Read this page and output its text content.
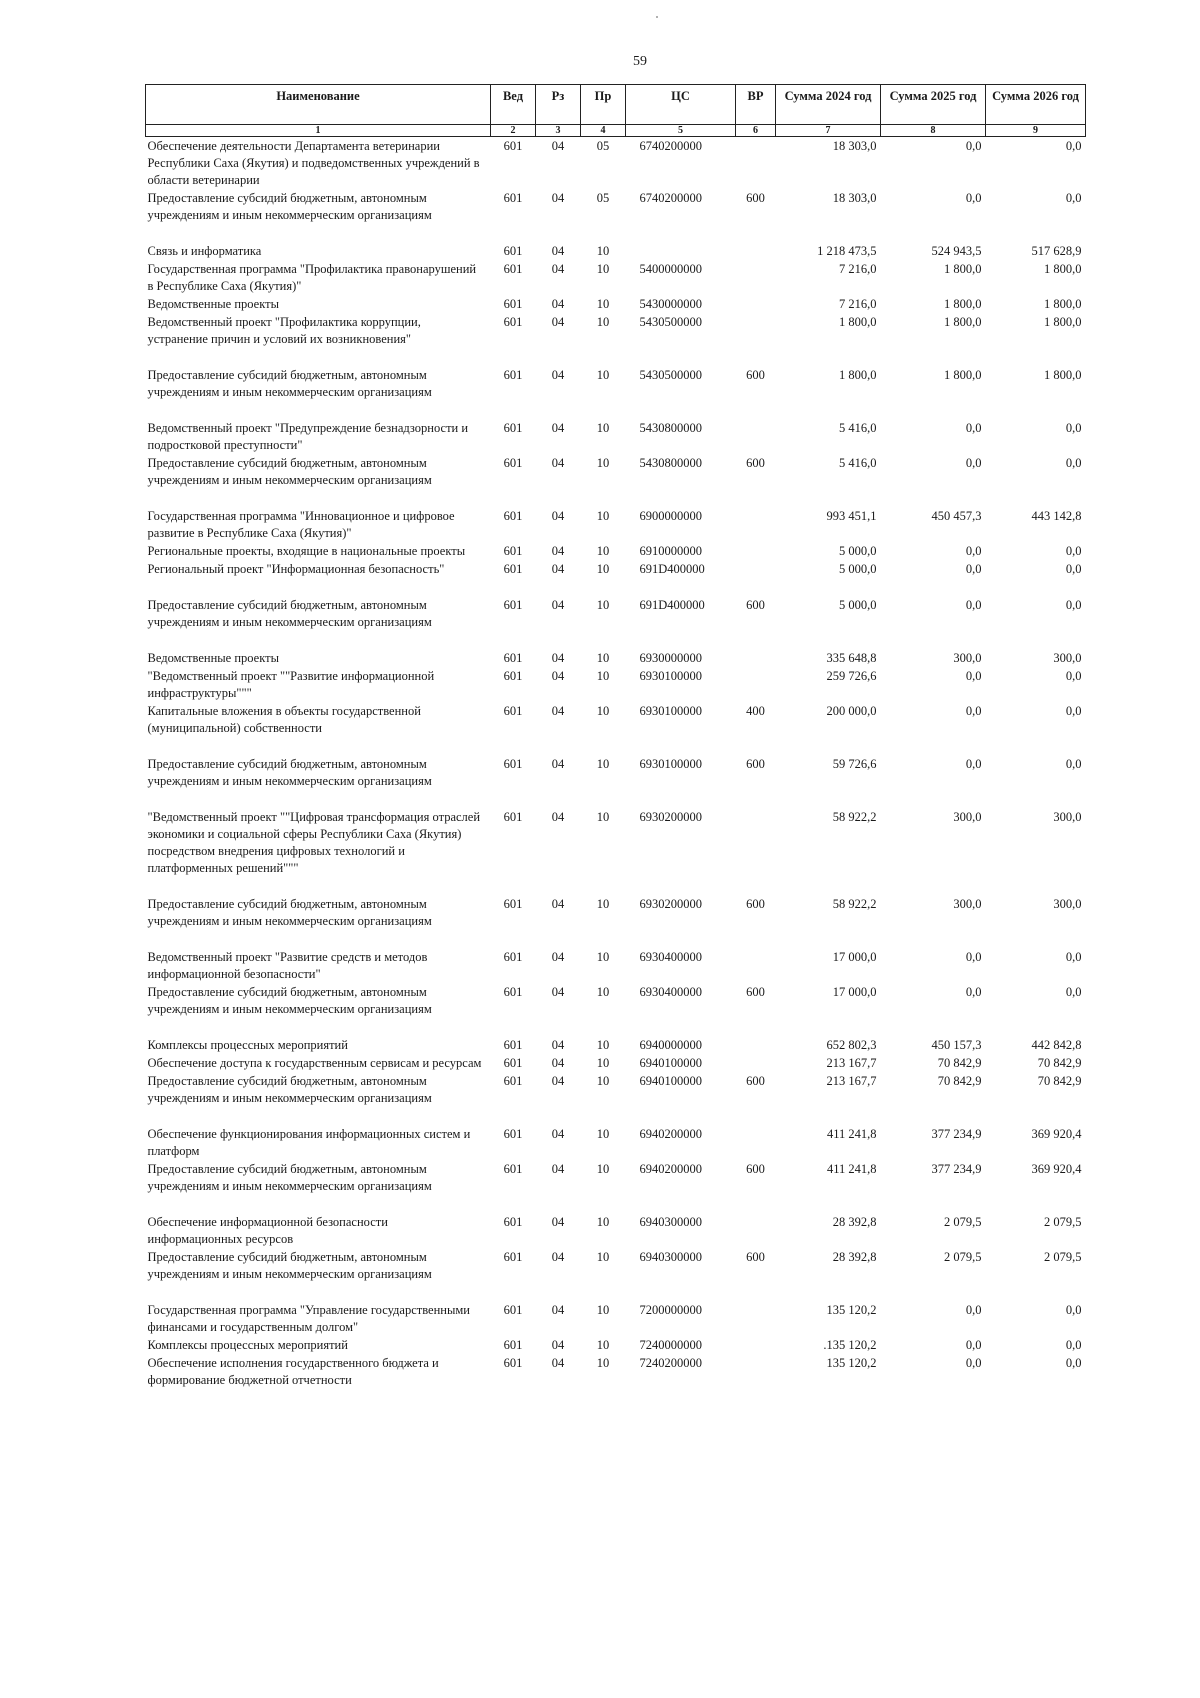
59
Наименование	Вед	Рз	Пр	ЦС	ВР	Сумма 2024 год	Сумма 2025 год	Сумма 2026 год
1	2	3	4	5	6	7	8	9
Обеспечение деятельности Департамента ветеринарии Республики Саха (Якутия) и подведомственных учреждений в области ветеринарии	601	04	05	6740200000		18 303,0	0,0	0,0
Предоставление субсидий бюджетным, автономным учреждениям и иным некоммерческим организациям	601	04	05	6740200000	600	18 303,0	0,0	0,0
Связь и информатика	601	04	10			1 218 473,5	524 943,5	517 628,9
Государственная программа "Профилактика правонарушений в Республике Саха (Якутия)"	601	04	10	5400000000		7 216,0	1 800,0	1 800,0
Ведомственные проекты	601	04	10	5430000000		7 216,0	1 800,0	1 800,0
Ведомственный проект "Профилактика коррупции, устранение причин и условий их возникновения"	601	04	10	5430500000		1 800,0	1 800,0	1 800,0
Предоставление субсидий бюджетным, автономным учреждениям и иным некоммерческим организациям	601	04	10	5430500000	600	1 800,0	1 800,0	1 800,0
Ведомственный проект "Предупреждение безнадзорности и подростковой преступности"	601	04	10	5430800000		5 416,0	0,0	0,0
Предоставление субсидий бюджетным, автономным учреждениям и иным некоммерческим организациям	601	04	10	5430800000	600	5 416,0	0,0	0,0
Государственная программа "Инновационное и цифровое развитие в Республике Саха (Якутия)"	601	04	10	6900000000		993 451,1	450 457,3	443 142,8
Региональные проекты, входящие в национальные проекты	601	04	10	6910000000		5 000,0	0,0	0,0
Региональный проект "Информационная безопасность"	601	04	10	691D400000		5 000,0	0,0	0,0
Предоставление субсидий бюджетным, автономным учреждениям и иным некоммерческим организациям	601	04	10	691D400000	600	5 000,0	0,0	0,0
Ведомственные проекты	601	04	10	6930000000		335 648,8	300,0	300,0
"Ведомственный проект ""Развитие информационной инфраструктуры"""	601	04	10	6930100000		259 726,6	0,0	0,0
Капитальные вложения в объекты государственной (муниципальной) собственности	601	04	10	6930100000	400	200 000,0	0,0	0,0
Предоставление субсидий бюджетным, автономным учреждениям и иным некоммерческим организациям	601	04	10	6930100000	600	59 726,6	0,0	0,0
"Ведомственный проект ""Цифровая трансформация отраслей экономики и социальной сферы Республики Саха (Якутия) посредством внедрения цифровых технологий и платформенных решений"""	601	04	10	6930200000		58 922,2	300,0	300,0
Предоставление субсидий бюджетным, автономным учреждениям и иным некоммерческим организациям	601	04	10	6930200000	600	58 922,2	300,0	300,0
Ведомственный проект "Развитие средств и методов информационной безопасности"	601	04	10	6930400000		17 000,0	0,0	0,0
Предоставление субсидий бюджетным, автономным учреждениям и иным некоммерческим организациям	601	04	10	6930400000	600	17 000,0	0,0	0,0
Комплексы процессных мероприятий	601	04	10	6940000000		652 802,3	450 157,3	442 842,8
Обеспечение доступа к государственным сервисам и ресурсам	601	04	10	6940100000		213 167,7	70 842,9	70 842,9
Предоставление субсидий бюджетным, автономным учреждениям и иным некоммерческим организациям	601	04	10	6940100000	600	213 167,7	70 842,9	70 842,9
Обеспечение функционирования информационных систем и платформ	601	04	10	6940200000		411 241,8	377 234,9	369 920,4
Предоставление субсидий бюджетным, автономным учреждениям и иным некоммерческим организациям	601	04	10	6940200000	600	411 241,8	377 234,9	369 920,4
Обеспечение информационной безопасности информационных ресурсов	601	04	10	6940300000		28 392,8	2 079,5	2 079,5
Предоставление субсидий бюджетным, автономным учреждениям и иным некоммерческим организациям	601	04	10	6940300000	600	28 392,8	2 079,5	2 079,5
Государственная программа "Управление государственными финансами и государственным долгом"	601	04	10	7200000000		135 120,2	0,0	0,0
Комплексы процессных мероприятий	601	04	10	7240000000		.135 120,2	0,0	0,0
Обеспечение исполнения государственного бюджета и формирование бюджетной отчетности	601	04	10	7240200000		135 120,2	0,0	0,0
